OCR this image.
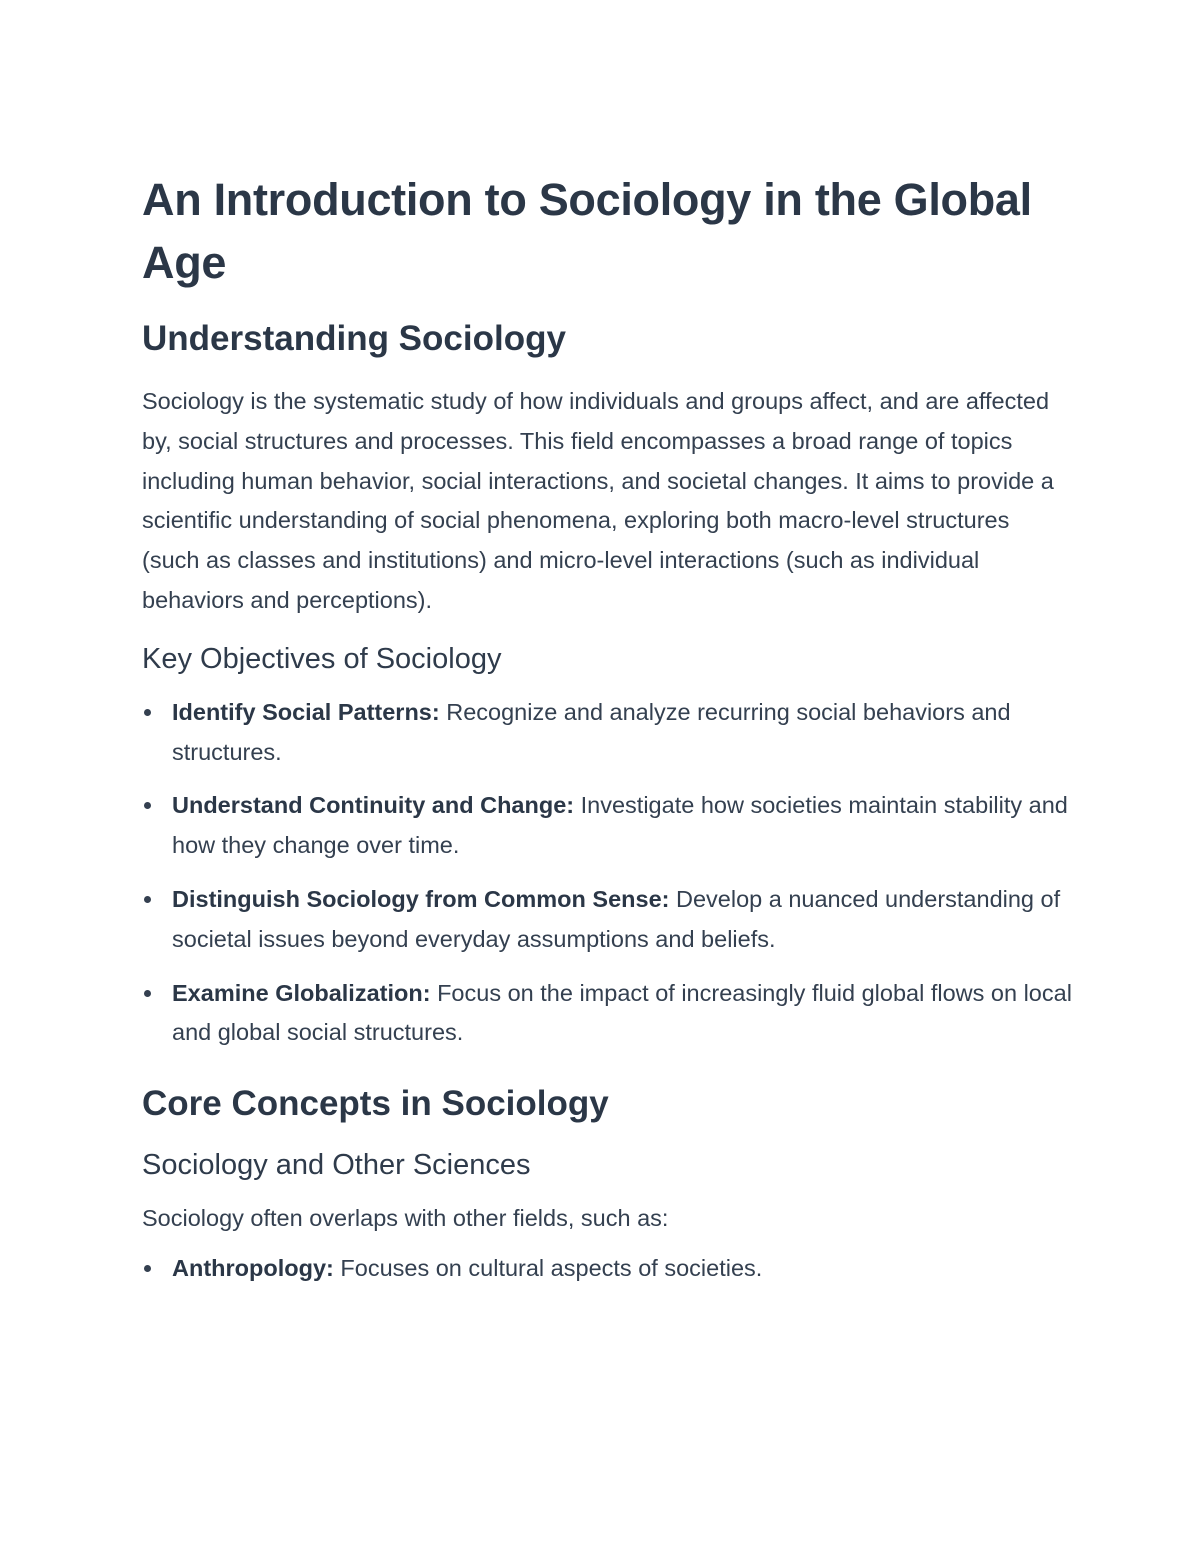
An Introduction to Sociology in the Global Age
Understanding Sociology

Sociology is the systematic study of how individuals and groups affect, and are affected by, social structures and processes. This field encompasses a broad range of topics including human behavior, social interactions, and societal changes. It aims to provide a scientific understanding of social phenomena, exploring both macro-level structures (such as classes and institutions) and micro-level interactions (such as individual behaviors and perceptions).

Key Objectives of Sociology
Identify Social Patterns: Recognize and analyze recurring social behaviors and structures.
Understand Continuity and Change: Investigate how societies maintain stability and how they change over time.
Distinguish Sociology from Common Sense: Develop a nuanced understanding of societal issues beyond everyday assumptions and beliefs.
Examine Globalization: Focus on the impact of increasingly fluid global flows on local and global social structures.
Core Concepts in Sociology
Sociology and Other Sciences

Sociology often overlaps with other fields, such as:

Anthropology: Focuses on cultural aspects of societies.
